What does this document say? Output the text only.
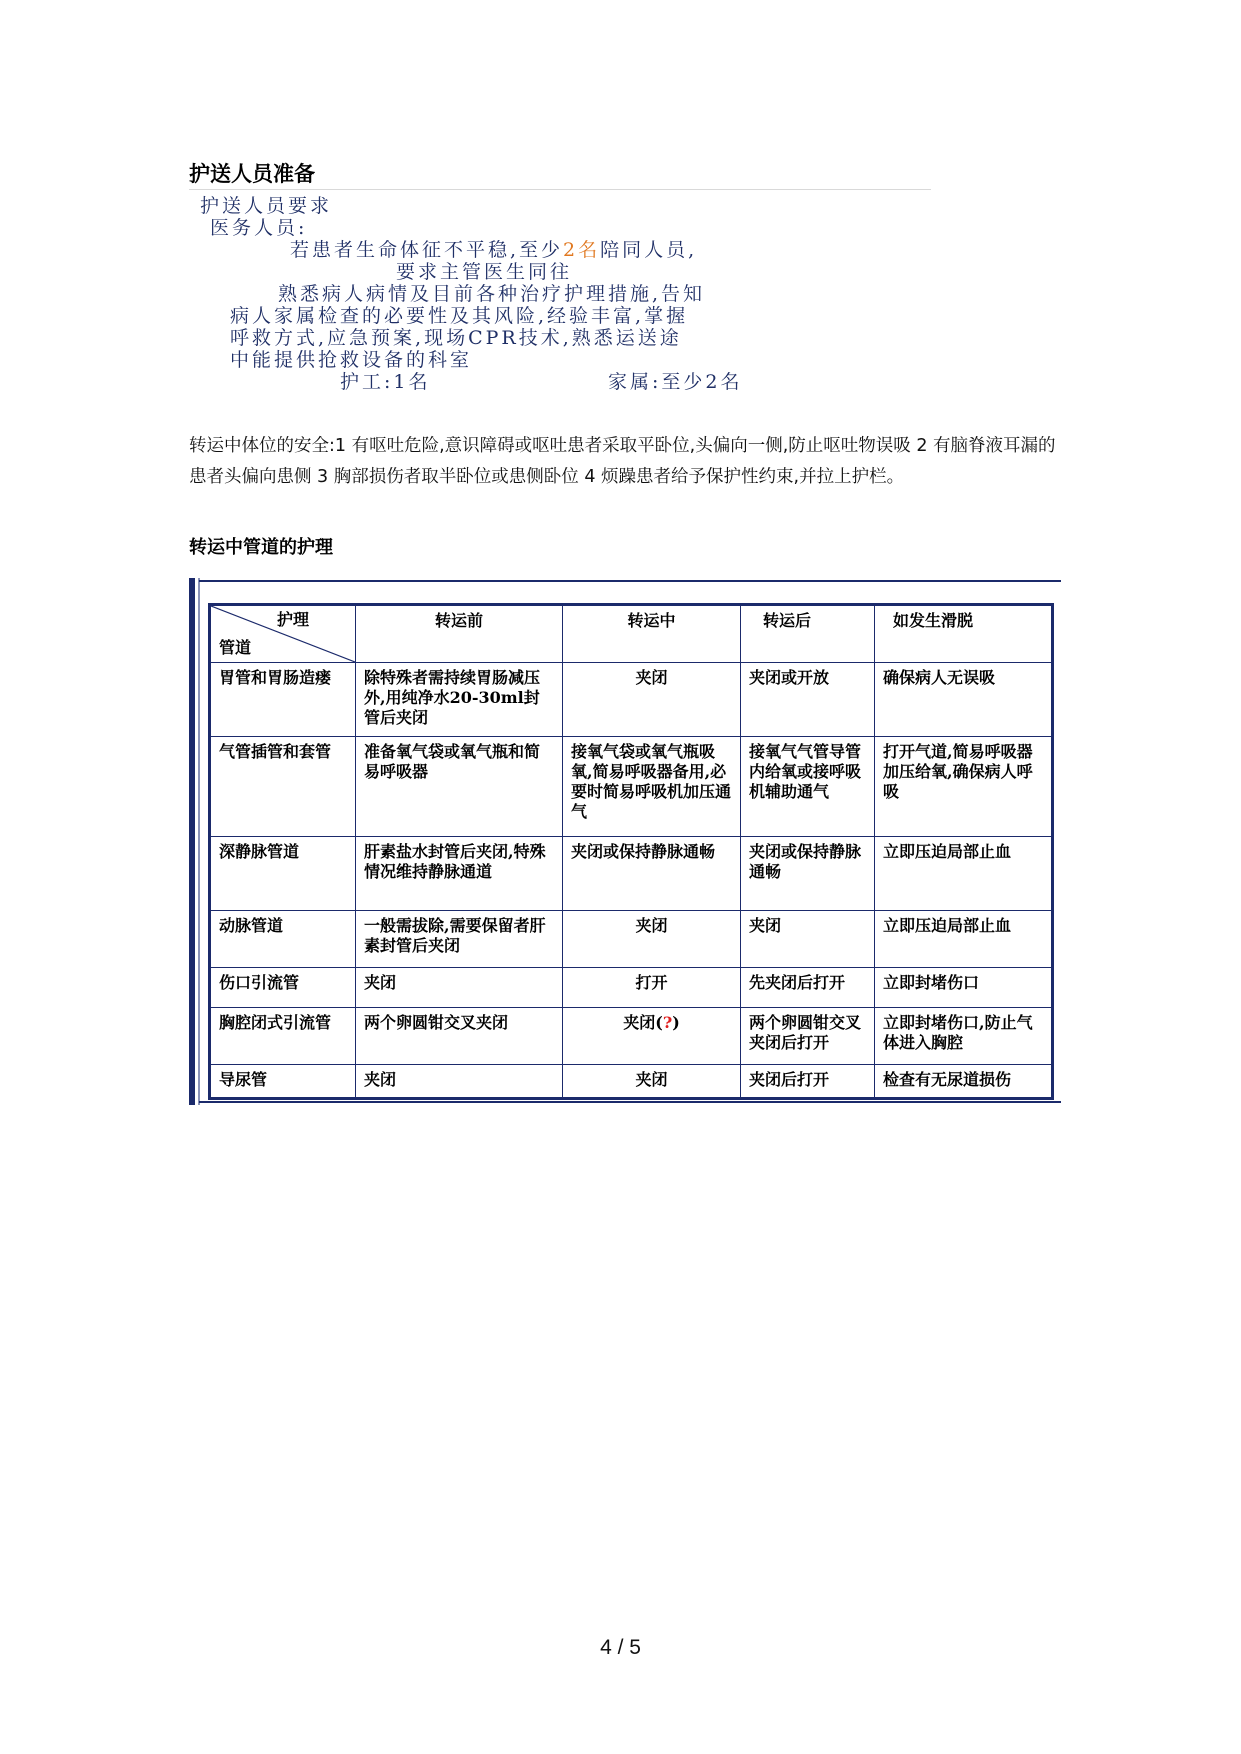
护送人员准备
护送人员要求
医务人员:
若患者生命体征不平稳,至少2名陪同人员,
要求主管医生同往
熟悉病人病情及目前各种治疗护理措施,告知
病人家属检查的必要性及其风险,经验丰富,掌握
呼救方式,应急预案,现场CPR技术,熟悉运送途
中能提供抢救设备的科室
护工:1名	家属:至少2名
转运中体位的安全:1 有呕吐危险,意识障碍或呕吐患者采取平卧位,头偏向一侧,防止呕吐物误吸 2 有脑脊液耳漏的患者头偏向患侧 3 胸部损伤者取半卧位或患侧卧位 4 烦躁患者给予保护性约束,并拉上护栏。
转运中管道的护理
护理
管道	转运前	转运中	转运后	如发生滑脱
胃管和胃肠造瘘	除特殊者需持续胃肠减压外,用纯净水20-30ml封管后夹闭	夹闭	夹闭或开放	确保病人无误吸
气管插管和套管	准备氧气袋或氧气瓶和简易呼吸器	接氧气袋或氧气瓶吸氧,简易呼吸器备用,必要时简易呼吸机加压通气	接氧气气管导管内给氧或接呼吸机辅助通气	打开气道,简易呼吸器加压给氧,确保病人呼吸
深静脉管道	肝素盐水封管后夹闭,特殊情况维持静脉通道	夹闭或保持静脉通畅	夹闭或保持静脉通畅	立即压迫局部止血
动脉管道	一般需拔除,需要保留者肝素封管后夹闭	夹闭	夹闭	立即压迫局部止血
伤口引流管	夹闭	打开	先夹闭后打开	立即封堵伤口
胸腔闭式引流管	两个卵圆钳交叉夹闭	夹闭(?)	两个卵圆钳交叉夹闭后打开	立即封堵伤口,防止气体进入胸腔
导尿管	夹闭	夹闭	夹闭后打开	检查有无尿道损伤
4 / 5
